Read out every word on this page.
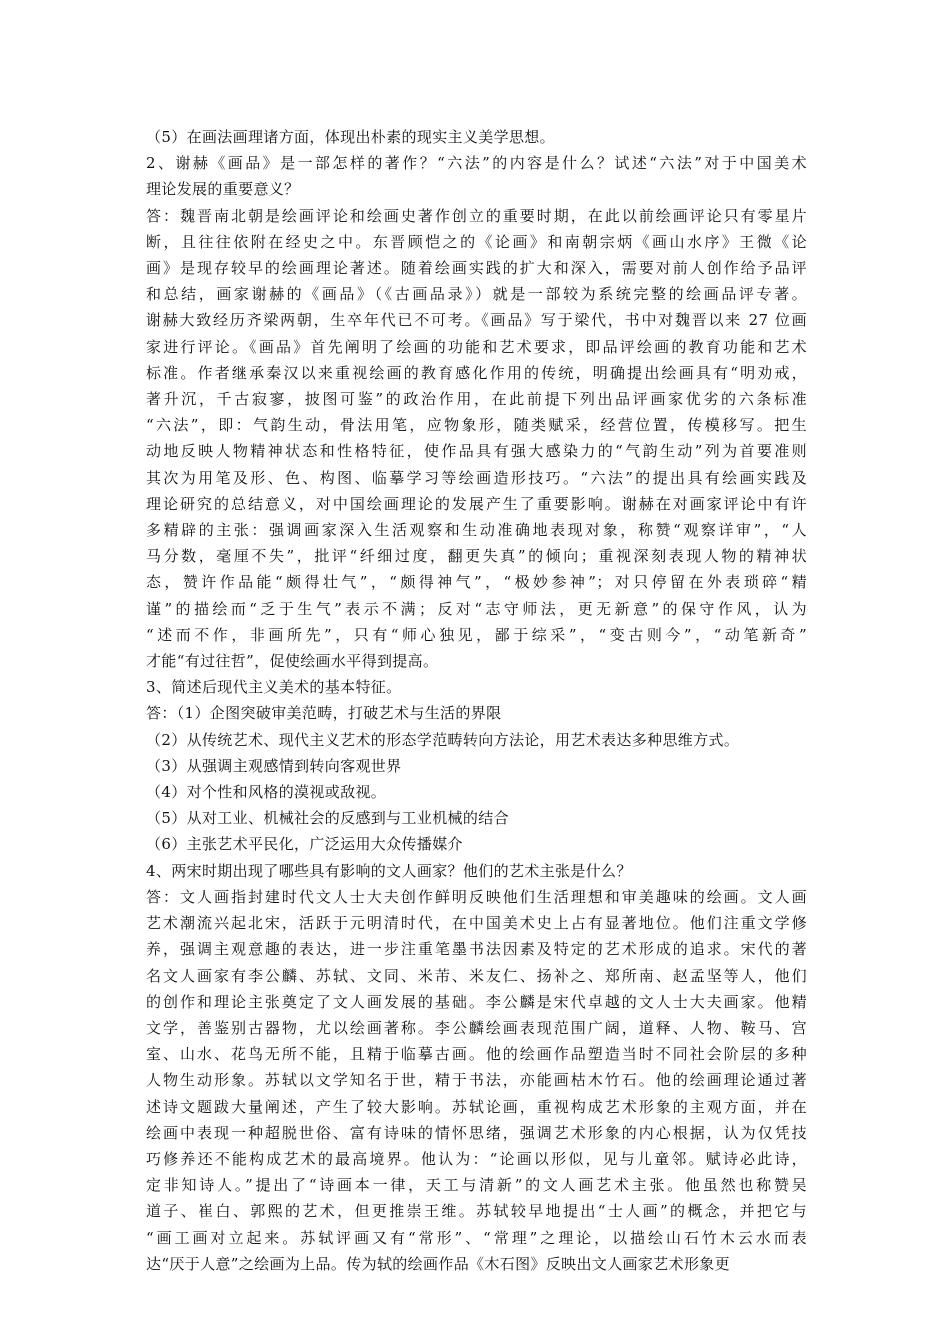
（5）在画法画理诸方面，体现出朴素的现实主义美学思想。
2、谢赫《画品》是一部怎样的著作？“六法”的内容是什么？试述“六法”对于中国美术
理论发展的重要意义？
答：魏晋南北朝是绘画评论和绘画史著作创立的重要时期，在此以前绘画评论只有零星片
断，且往往依附在经史之中。东晋顾恺之的《论画》和南朝宗炳《画山水序》王微《论
画》是现存较早的绘画理论著述。随着绘画实践的扩大和深入，需要对前人创作给予品评
和总结，画家谢赫的《画品》（《古画品录》）就是一部较为系统完整的绘画品评专著。
谢赫大致经历齐梁两朝，生卒年代已不可考。《画品》写于梁代，书中对魏晋以来 27 位画
家进行评论。《画品》首先阐明了绘画的功能和艺术要求，即品评绘画的教育功能和艺术
标准。作者继承秦汉以来重视绘画的教育感化作用的传统，明确提出绘画具有“明劝戒，
著升沉，千古寂寥，披图可鉴”的政治作用，在此前提下列出品评画家优劣的六条标准
“六法”，即：气韵生动，骨法用笔，应物象形，随类赋采，经营位置，传模移写。把生
动地反映人物精神状态和性格特征，使作品具有强大感染力的“气韵生动”列为首要准则
其次为用笔及形、色、构图、临摹学习等绘画造形技巧。“六法”的提出具有绘画实践及
理论研究的总结意义，对中国绘画理论的发展产生了重要影响。谢赫在对画家评论中有许
多精辟的主张：强调画家深入生活观察和生动准确地表现对象，称赞“观察详审”，“人
马分数，毫厘不失”，批评“纤细过度，翻更失真”的倾向；重视深刻表现人物的精神状
态，赞许作品能“颇得壮气”，“颇得神气”，“极妙参神”；对只停留在外表琐碎“精
谨”的描绘而“乏于生气”表示不满；反对“志守师法，更无新意”的保守作风，认为
“述而不作，非画所先”，只有“师心独见，鄙于综采”，“变古则今”，“动笔新奇”
才能“有过往哲”，促使绘画水平得到提高。
3、简述后现代主义美术的基本特征。
答：（1）企图突破审美范畴，打破艺术与生活的界限
（2）从传统艺术、现代主义艺术的形态学范畴转向方法论，用艺术表达多种思维方式。
（3）从强调主观感情到转向客观世界
（4）对个性和风格的漠视或敌视。
（5）从对工业、机械社会的反感到与工业机械的结合
（6）主张艺术平民化，广泛运用大众传播媒介
4、两宋时期出现了哪些具有影响的文人画家？他们的艺术主张是什么？
答：文人画指封建时代文人士大夫创作鲜明反映他们生活理想和审美趣味的绘画。文人画
艺术潮流兴起北宋，活跃于元明清时代，在中国美术史上占有显著地位。他们注重文学修
养，强调主观意趣的表达，进一步注重笔墨书法因素及特定的艺术形成的追求。宋代的著
名文人画家有李公麟、苏轼、文同、米芾、米友仁、扬补之、郑所南、赵孟坚等人，他们
的创作和理论主张奠定了文人画发展的基础。李公麟是宋代卓越的文人士大夫画家。他精
文学，善鉴别古器物，尤以绘画著称。李公麟绘画表现范围广阔，道释、人物、鞍马、宫
室、山水、花鸟无所不能，且精于临摹古画。他的绘画作品塑造当时不同社会阶层的多种
人物生动形象。苏轼以文学知名于世，精于书法，亦能画枯木竹石。他的绘画理论通过著
述诗文题跋大量阐述，产生了较大影响。苏轼论画，重视构成艺术形象的主观方面，并在
绘画中表现一种超脱世俗、富有诗味的情怀思绪，强调艺术形象的内心根据，认为仅凭技
巧修养还不能构成艺术的最高境界。他认为：“论画以形似，见与儿童邻。赋诗必此诗，
定非知诗人。”提出了“诗画本一律，天工与清新”的文人画艺术主张。他虽然也称赞吴
道子、崔白、郭熙的艺术，但更推崇王维。苏轼较早地提出“士人画”的概念，并把它与
“画工画对立起来。苏轼评画又有“常形”、“常理”之理论，以描绘山石竹木云水而表
达“厌于人意”之绘画为上品。传为轼的绘画作品《木石图》反映出文人画家艺术形象更
